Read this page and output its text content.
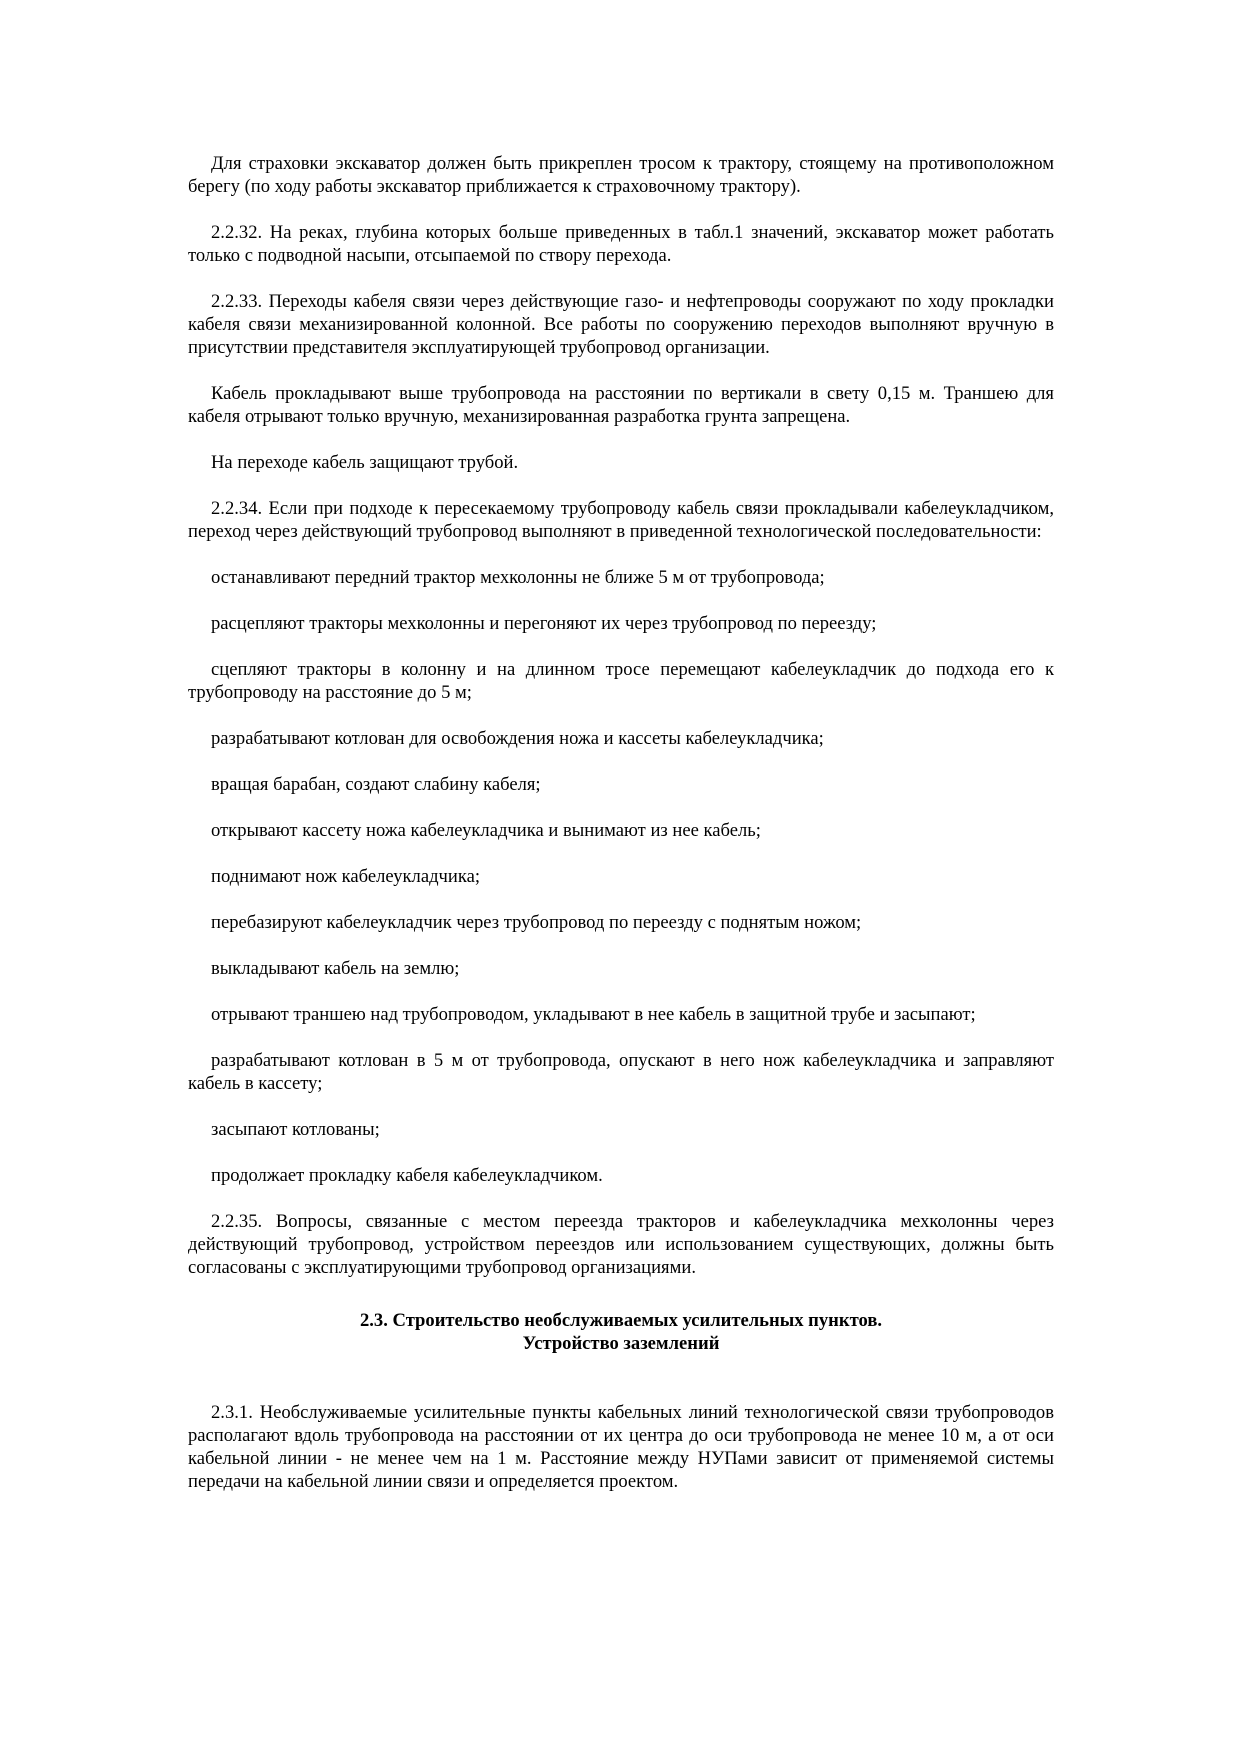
Для страховки экскаватор должен быть прикреплен тросом к трактору, стоящему на противоположном берегу (по ходу работы экскаватор приближается к страховочному трактору).

2.2.32. На реках, глубина которых больше приведенных в табл.1 значений, экскаватор может работать только с подводной насыпи, отсыпаемой по створу перехода.

2.2.33. Переходы кабеля связи через действующие газо- и нефтепроводы сооружают по ходу прокладки кабеля связи механизированной колонной. Все работы по сооружению переходов выполняют вручную в присутствии представителя эксплуатирующей трубопровод организации.

Кабель прокладывают выше трубопровода на расстоянии по вертикали в свету 0,15 м. Траншею для кабеля отрывают только вручную, механизированная разработка грунта запрещена.

На переходе кабель защищают трубой.

2.2.34. Если при подходе к пересекаемому трубопроводу кабель связи прокладывали кабелеукладчиком, переход через действующий трубопровод выполняют в приведенной технологической последовательности:

останавливают передний трактор мехколонны не ближе 5 м от трубопровода;

расцепляют тракторы мехколонны и перегоняют их через трубопровод по переезду;

сцепляют тракторы в колонну и на длинном тросе перемещают кабелеукладчик до подхода его к трубопроводу на расстояние до 5 м;

разрабатывают котлован для освобождения ножа и кассеты кабелеукладчика;

вращая барабан, создают слабину кабеля;

открывают кассету ножа кабелеукладчика и вынимают из нее кабель;

поднимают нож кабелеукладчика;

перебазируют кабелеукладчик через трубопровод по переезду с поднятым ножом;

выкладывают кабель на землю;

отрывают траншею над трубопроводом, укладывают в нее кабель в защитной трубе и засыпают;

разрабатывают котлован в 5 м от трубопровода, опускают в него нож кабелеукладчика и заправляют кабель в кассету;

засыпают котлованы;

продолжает прокладку кабеля кабелеукладчиком.

2.2.35. Вопросы, связанные с местом переезда тракторов и кабелеукладчика мехколонны через действующий трубопровод, устройством переездов или использованием существующих, должны быть согласованы с эксплуатирующими трубопровод организациями.

2.3. Строительство необслуживаемых усилительных пунктов.
Устройство заземлений

2.3.1. Необслуживаемые усилительные пункты кабельных линий технологической связи трубопроводов располагают вдоль трубопровода на расстоянии от их центра до оси трубопровода не менее 10 м, а от оси кабельной линии - не менее чем на 1 м. Расстояние между НУПами зависит от применяемой системы передачи на кабельной линии связи и определяется проектом.
